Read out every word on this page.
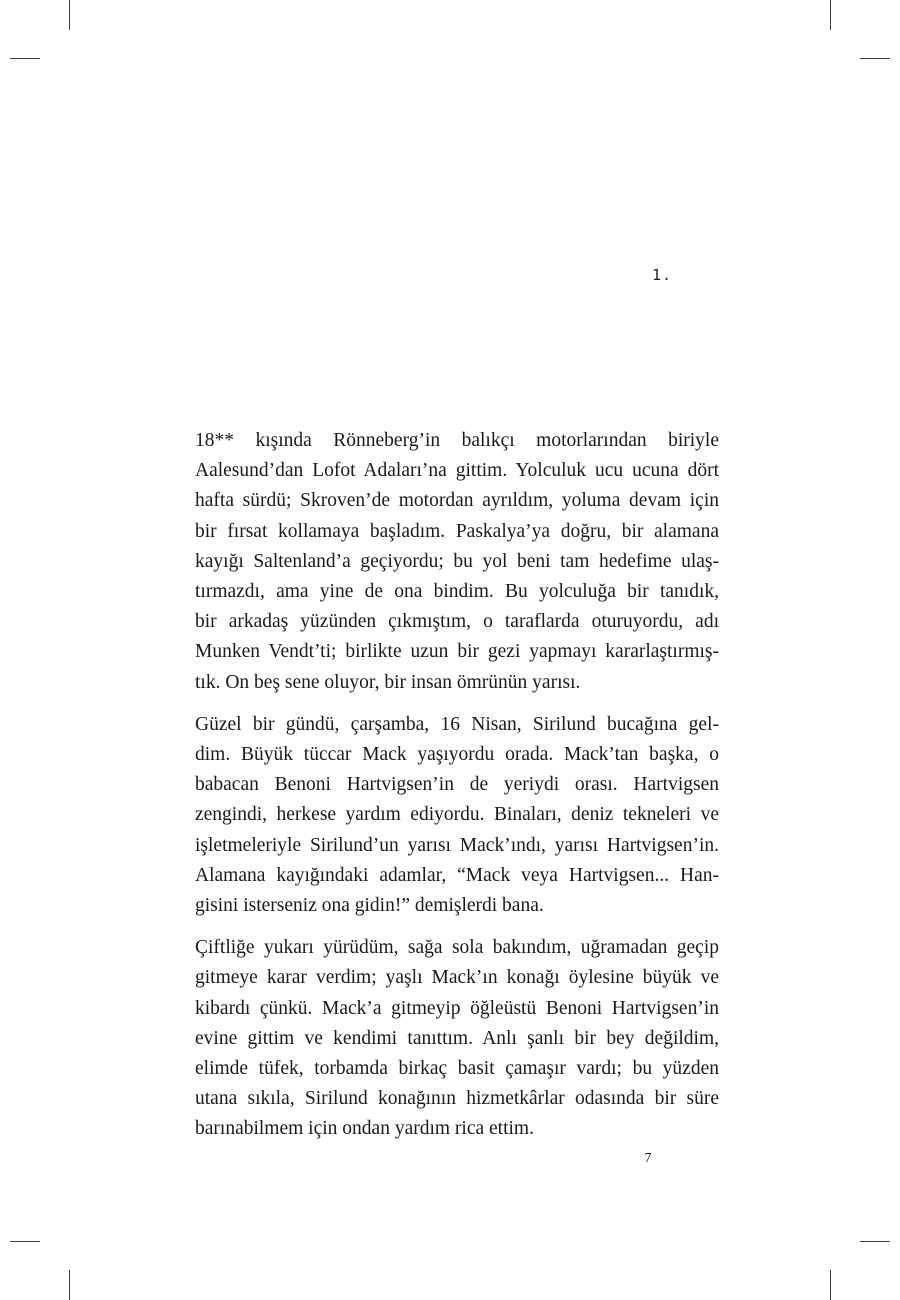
1.

18** kışında Rönneberg’in balıkçı motorlarından biriyle
Aalesund’dan Lofot Adaları’na gittim. Yolculuk ucu ucuna dört
hafta sürdü; Skroven’de motordan ayrıldım, yoluma devam için
bir fırsat kollamaya başladım. Paskalya’ya doğru, bir alamana
kayığı Saltenland’a geçiyordu; bu yol beni tam hedefime ulaş-
tırmazdı, ama yine de ona bindim. Bu yolculuğa bir tanıdık,
bir arkadaş yüzünden çıkmıştım, o taraflarda oturuyordu, adı
Munken Vendt’ti; birlikte uzun bir gezi yapmayı kararlaştırmış-
tık. On beş sene oluyor, bir insan ömrünün yarısı.

Güzel bir gündü, çarşamba, 16 Nisan, Sirilund bucağına gel-
dim. Büyük tüccar Mack yaşıyordu orada. Mack’tan başka, o
babacan Benoni Hartvigsen’in de yeriydi orası. Hartvigsen
zengindi, herkese yardım ediyordu. Binaları, deniz tekneleri ve
işletmeleriyle Sirilund’un yarısı Mack’ındı, yarısı Hartvigsen’in.
Alamana kayığındaki adamlar, “Mack veya Hartvigsen... Han-
gisini isterseniz ona gidin!” demişlerdi bana.

Çiftliğe yukarı yürüdüm, sağa sola bakındım, uğramadan geçip
gitmeye karar verdim; yaşlı Mack’ın konağı öylesine büyük ve
kibardı çünkü. Mack’a gitmeyip öğleüstü Benoni Hartvigsen’in
evine gittim ve kendimi tanıttım. Anlı şanlı bir bey değildim,
elimde tüfek, torbamda birkaç basit çamaşır vardı; bu yüzden
utana sıkıla, Sirilund konağının hizmetkârlar odasında bir süre
barınabilmem için ondan yardım rica ettim.

7
